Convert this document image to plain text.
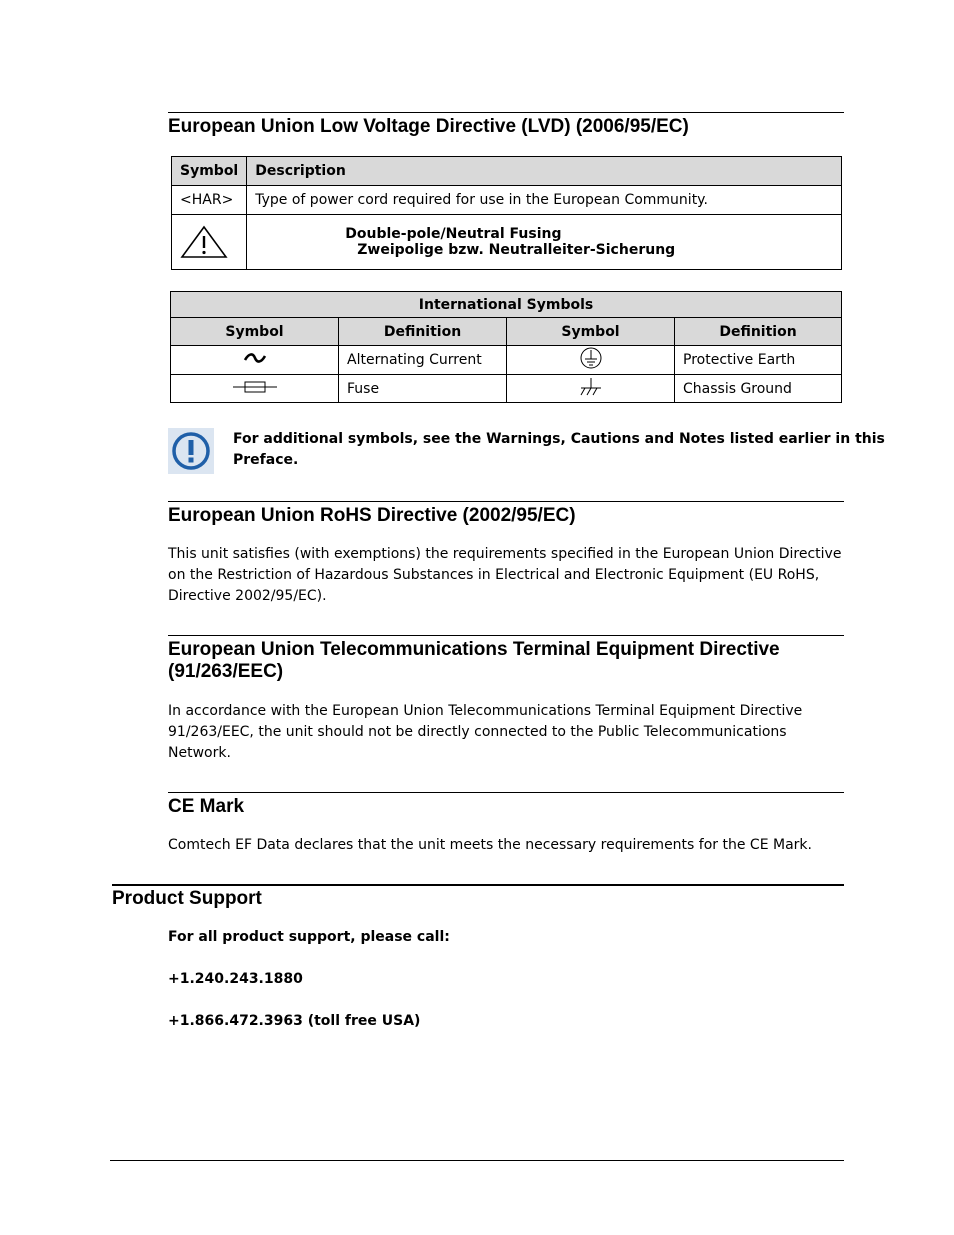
European Union Low Voltage Directive (LVD) (2006/95/EC)
Symbol	Description
<HAR>	Type of power cord required for use in the European Community.

Double-pole/Neutral Fusing
Zweipolige bzw. Neutralleiter-Sicherung
International Symbols			
Symbol	Definition	Symbol	Definition

	Alternating Current		Protective Earth

	Fuse		Chassis Ground
For additional symbols, see the Warnings, Cautions and Notes listed earlier in this
Preface.
European Union RoHS Directive (2002/95/EC)
This unit satisfies (with exemptions) the requirements specified in the European Union Directive
on the Restriction of Hazardous Substances in Electrical and Electronic Equipment (EU RoHS,
Directive 2002/95/EC).
European Union Telecommunications Terminal Equipment Directive
(91/263/EEC)
In accordance with the European Union Telecommunications Terminal Equipment Directive
91/263/EEC, the unit should not be directly connected to the Public Telecommunications
Network.
CE Mark
Comtech EF Data declares that the unit meets the necessary requirements for the CE Mark.
Product Support
For all product support, please call:
+1.240.243.1880
+1.866.472.3963 (toll free USA)
